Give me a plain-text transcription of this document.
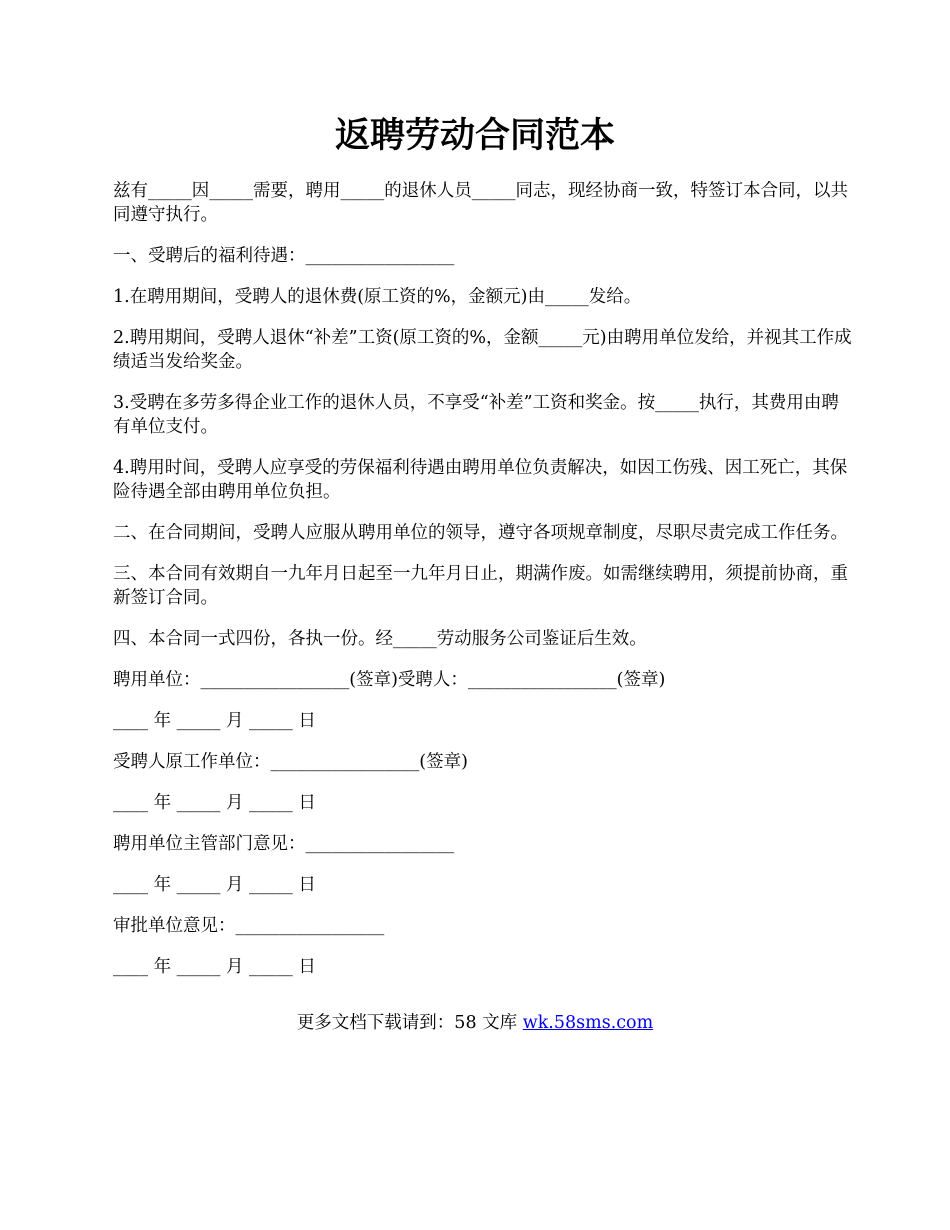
返聘劳动合同范本

兹有_____因_____需要，聘用_____的退休人员_____同志，现经协商一致，特签订本合同，以共同遵守执行。

一、受聘后的福利待遇：_________________

1.在聘用期间，受聘人的退休费(原工资的%，金额元)由_____发给。

2.聘用期间，受聘人退休“补差”工资(原工资的%，金额_____元)由聘用单位发给，并视其工作成绩适当发给奖金。

3.受聘在多劳多得企业工作的退休人员，不享受“补差”工资和奖金。按_____执行，其费用由聘有单位支付。

4.聘用时间，受聘人应享受的劳保福利待遇由聘用单位负责解决，如因工伤残、因工死亡，其保险待遇全部由聘用单位负担。

二、在合同期间，受聘人应服从聘用单位的领导，遵守各项规章制度，尽职尽责完成工作任务。

三、本合同有效期自一九年月日起至一九年月日止，期满作废。如需继续聘用，须提前协商，重新签订合同。

四、本合同一式四份，各执一份。经_____劳动服务公司鉴证后生效。

聘用单位：_________________(签章)受聘人：_________________(签章)

____ 年 _____ 月 _____ 日

受聘人原工作单位：_________________(签章)

____ 年 _____ 月 _____ 日

聘用单位主管部门意见：_________________

____ 年 _____ 月 _____ 日

审批单位意见：_________________

____ 年 _____ 月 _____ 日

更多文档下载请到：58 文库 wk.58sms.com
